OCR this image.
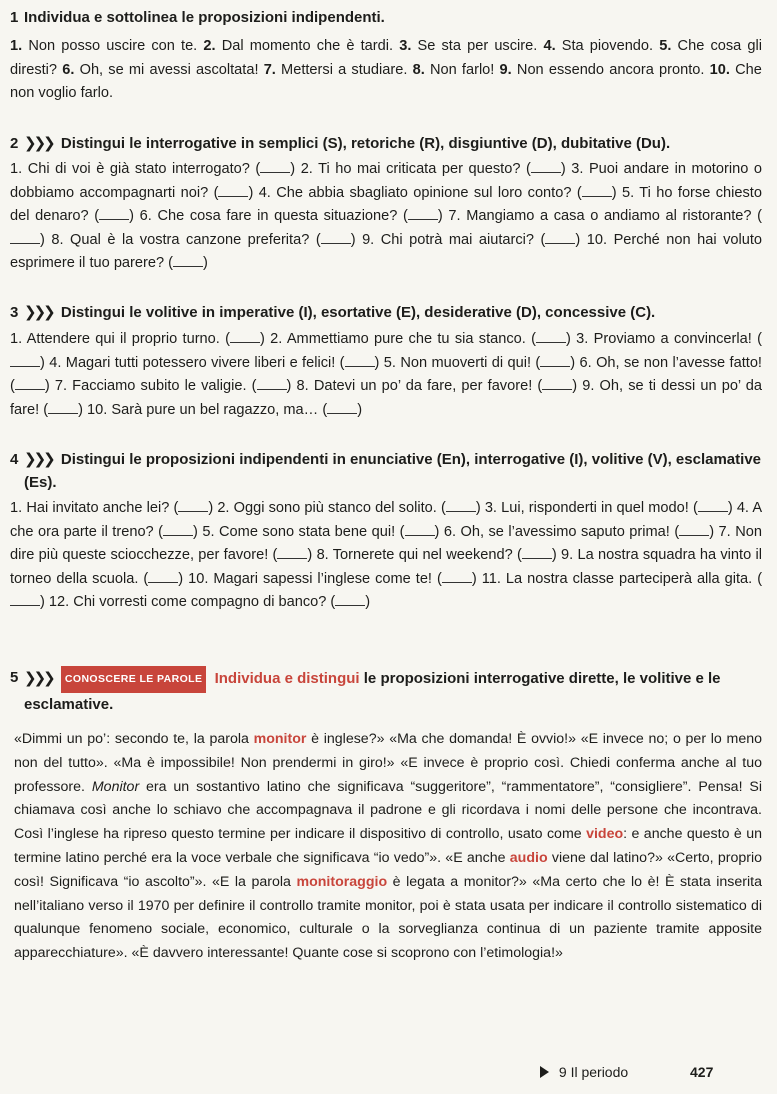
1 Individua e sottolinea le proposizioni indipendenti.
1. Non posso uscire con te. 2. Dal momento che è tardi. 3. Se sta per uscire. 4. Sta piovendo. 5. Che cosa gli diresti? 6. Oh, se mi avessi ascoltata! 7. Mettersi a studiare. 8. Non farlo! 9. Non essendo ancora pronto. 10. Che non voglio farlo.
2 ❯❯❯ Distingui le interrogative in semplici (S), retoriche (R), disgiuntive (D), dubitative (Du).
1. Chi di voi è già stato interrogato? ( ) 2. Ti ho mai criticata per questo? ( ) 3. Puoi andare in motorino o dobbiamo accompagnarti noi? ( ) 4. Che abbia sbagliato opinione sul loro conto? ( ) 5. Ti ho forse chiesto del denaro? ( ) 6. Che cosa fare in questa situazione? ( ) 7. Mangiamo a casa o andiamo al ristorante? () 8. Qual è la vostra canzone preferita? ( ) 9. Chi potrà mai aiutarci? ( ) 10. Perché non hai voluto esprimere il tuo parere? ( )
3 ❯❯❯ Distingui le volitive in imperative (I), esortative (E), desiderative (D), concessive (C).
1. Attendere qui il proprio turno. ( ) 2. Ammettiamo pure che tu sia stanco. ( ) 3. Proviamo a convincerla! () 4. Magari tutti potessero vivere liberi e felici! ( ) 5. Non muoverti di qui! ( ) 6. Oh, se non l’avesse fatto! ( ) 7. Facciamo subito le valigie. ( ) 8. Datevi un po’ da fare, per favore! ( ) 9. Oh, se ti dessi un po’ da fare! ( ) 10. Sarà pure un bel ragazzo, ma… ( )
4 ❯❯❯ Distingui le proposizioni indipendenti in enunciative (En), interrogative (I), volitive (V), esclamative (Es).
1. Hai invitato anche lei? ( ) 2. Oggi sono più stanco del solito. ( ) 3. Lui, risponderti in quel modo! ( ) 4. A che ora parte il treno? ( ) 5. Come sono stata bene qui! ( ) 6. Oh, se l’avessimo saputo prima! ( ) 7. Non dire più queste sciocchezze, per favore! ( ) 8. Tornerete qui nel weekend? ( ) 9. La nostra squadra ha vinto il torneo della scuola. ( ) 10. Magari sapessi l’inglese come te! ( ) 11. La nostra classe parteciperà alla gita. () 12. Chi vorresti come compagno di banco? ( )
5 ❯❯❯ CONOSCERE LE PAROLE Individua e distingui le proposizioni interrogative dirette, le volitive e le esclamative.
«Dimmi un po’: secondo te, la parola monitor è inglese?» «Ma che domanda! È ovvio!» «E invece no; o per lo meno non del tutto». «Ma è impossibile! Non prendermi in giro!» «E invece è proprio così. Chiedi conferma anche al tuo professore. Monitor era un sostantivo latino che significava “suggeritore”, “rammentatore”, “consigliere”. Pensa! Si chiamava così anche lo schiavo che accompagnava il padrone e gli ricordava i nomi delle persone che incontrava. Così l’inglese ha ripreso questo termine per indicare il dispositivo di controllo, usato come video: e anche questo è un termine latino perché era la voce verbale che significava “io vedo”». «E anche audio viene dal latino?» «Certo, proprio così! Significava “io ascolto”». «E la parola monitoraggio è legata a monitor?» «Ma certo che lo è! È stata inserita nell’italiano verso il 1970 per definire il controllo tramite monitor, poi è stata usata per indicare il controllo sistematico di qualunque fenomeno sociale, economico, culturale o la sorveglianza continua di un paziente tramite apposite apparecchiature». «È davvero interessante! Quante cose si scoprono con l’etimologia!»
9 Il periodo	427
